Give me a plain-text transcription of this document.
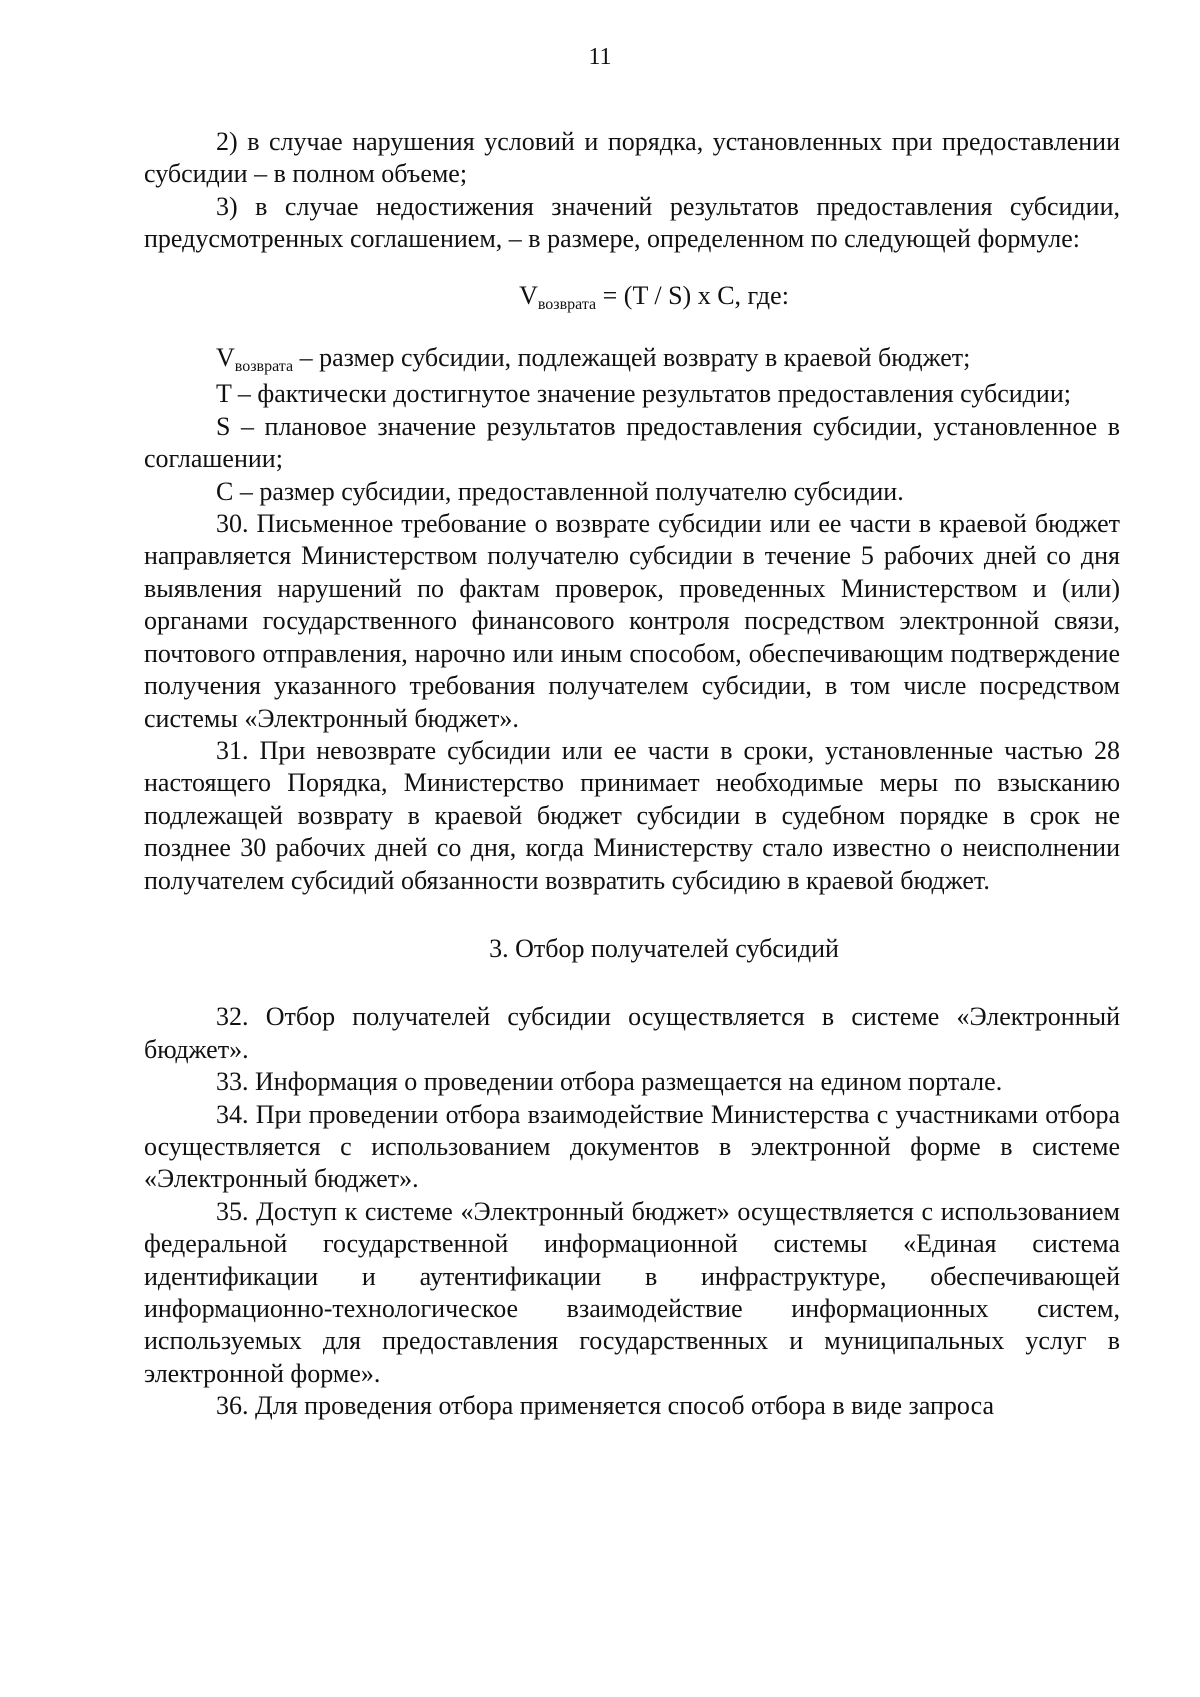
11

2) в случае нарушения условий и порядка, установленных при предоставлении субсидии – в полном объеме;

3) в случае недостижения значений результатов предоставления субсидии, предусмотренных соглашением, – в размере, определенном по следующей формуле:

Vвозврата = (T / S) x C, где:

Vвозврата – размер субсидии, подлежащей возврату в краевой бюджет;

T – фактически достигнутое значение результатов предоставления субсидии;

S – плановое значение результатов предоставления субсидии, установленное в соглашении;

C – размер субсидии, предоставленной получателю субсидии.

30. Письменное требование о возврате субсидии или ее части в краевой бюджет направляется Министерством получателю субсидии в течение 5 рабочих дней со дня выявления нарушений по фактам проверок, проведенных Министерством и (или) органами государственного финансового контроля посредством электронной связи, почтового отправления, нарочно или иным способом, обеспечивающим подтверждение получения указанного требования получателем субсидии, в том числе посредством системы «Электронный бюджет».

31. При невозврате субсидии или ее части в сроки, установленные частью 28 настоящего Порядка, Министерство принимает необходимые меры по взысканию подлежащей возврату в краевой бюджет субсидии в судебном порядке в срок не позднее 30 рабочих дней со дня, когда Министерству стало известно о неисполнении получателем субсидий обязанности возвратить субсидию в краевой бюджет.

3. Отбор получателей субсидий

32. Отбор получателей субсидии осуществляется в системе «Электронный бюджет».

33. Информация о проведении отбора размещается на едином портале.

34. При проведении отбора взаимодействие Министерства с участниками отбора осуществляется с использованием документов в электронной форме в системе «Электронный бюджет».

35. Доступ к системе «Электронный бюджет» осуществляется с использованием федеральной государственной информационной системы «Единая система идентификации и аутентификации в инфраструктуре, обеспечивающей информационно-технологическое взаимодействие информационных систем, используемых для предоставления государственных и муниципальных услуг в электронной форме».

36. Для проведения отбора применяется способ отбора в виде запроса
